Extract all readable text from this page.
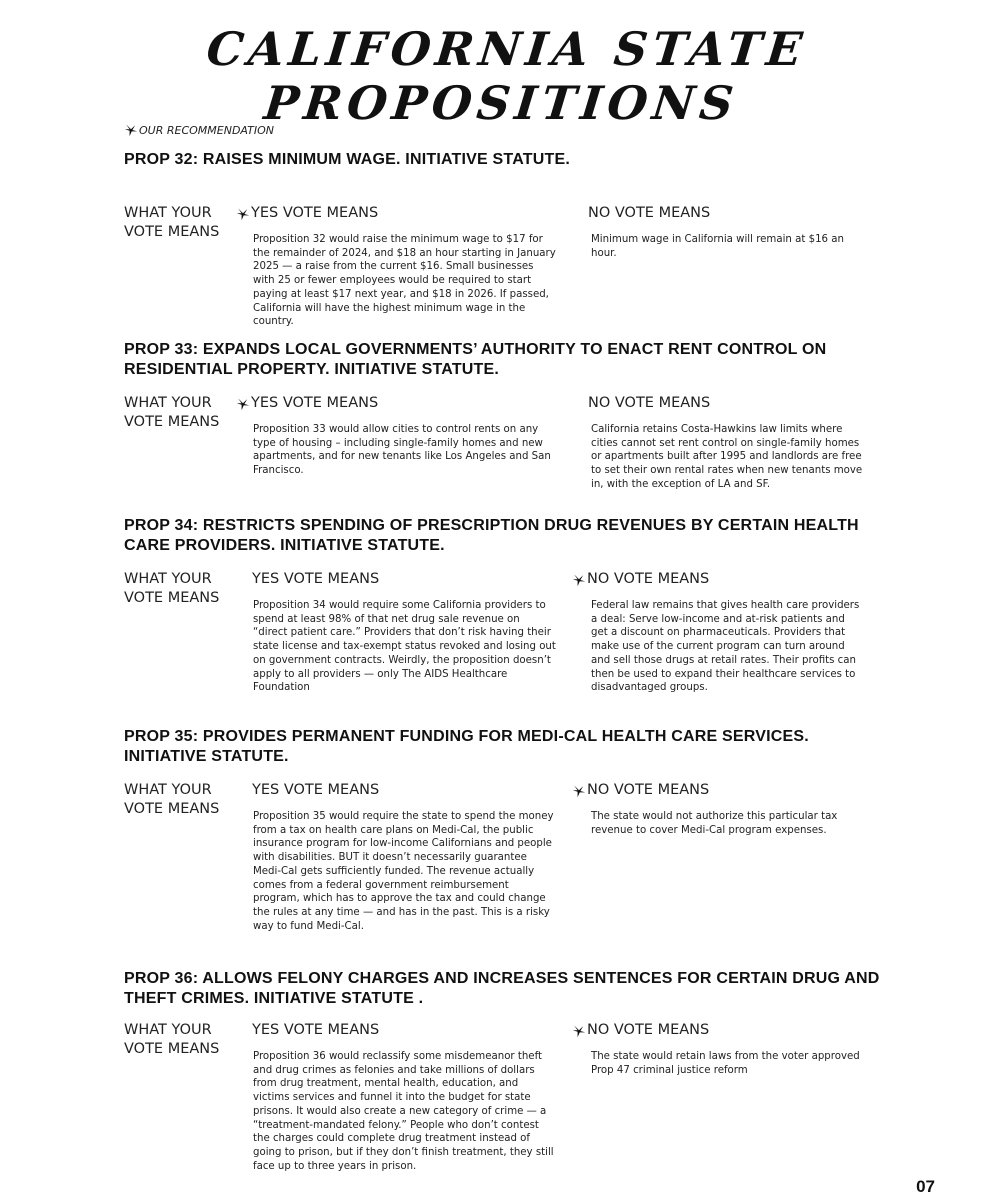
CALIFORNIA STATE PROPOSITIONS
OUR RECOMMENDATION
PROP 32: RAISES MINIMUM WAGE. INITIATIVE STATUTE.
WHAT YOUR VOTE MEANS
YES VOTE MEANS
Proposition 32 would raise the minimum wage to $17 for the remainder of 2024, and $18 an hour starting in January 2025 — a raise from the current $16. Small businesses with 25 or fewer employees would be required to start paying at least $17 next year, and $18 in 2026. If passed, California will have the highest minimum wage in the country.
NO VOTE MEANS
Minimum wage in California will remain at $16 an hour.
PROP 33: EXPANDS LOCAL GOVERNMENTS’ AUTHORITY TO ENACT RENT CONTROL ON RESIDENTIAL PROPERTY. INITIATIVE STATUTE.
WHAT YOUR VOTE MEANS
YES VOTE MEANS
Proposition 33 would allow cities to control rents on any type of housing – including single-family homes and new apartments, and for new tenants like Los Angeles and San Francisco.
NO VOTE MEANS
California retains Costa-Hawkins law limits where cities cannot set rent control on single-family homes or apartments built after 1995 and landlords are free to set their own rental rates when new tenants move in, with the exception of LA and SF.
PROP 34: RESTRICTS SPENDING OF PRESCRIPTION DRUG REVENUES BY CERTAIN HEALTH CARE PROVIDERS. INITIATIVE STATUTE.
WHAT YOUR VOTE MEANS
YES VOTE MEANS
Proposition 34 would require some California providers to spend at least 98% of that net drug sale revenue on “direct patient care.” Providers that don’t risk having their state license and tax-exempt status revoked and losing out on government contracts. Weirdly, the proposition doesn’t apply to all providers — only The AIDS Healthcare Foundation
NO VOTE MEANS
Federal law remains that gives health care providers a deal: Serve low-income and at-risk patients and get a discount on pharmaceuticals. Providers that make use of the current program can turn around and sell those drugs at retail rates. Their profits can then be used to expand their healthcare services to disadvantaged groups.
PROP 35: PROVIDES PERMANENT FUNDING FOR MEDI-CAL HEALTH CARE SERVICES. INITIATIVE STATUTE.
WHAT YOUR VOTE MEANS
YES VOTE MEANS
Proposition 35 would require the state to spend the money from a tax on health care plans on Medi-Cal, the public insurance program for low-income Californians and people with disabilities. BUT it doesn’t necessarily guarantee Medi-Cal gets sufficiently funded. The revenue actually comes from a federal government reimbursement program, which has to approve the tax and could change the rules at any time — and has in the past. This is a risky way to fund Medi-Cal.
NO VOTE MEANS
The state would not authorize this particular tax revenue to cover Medi-Cal program expenses.
PROP 36: ALLOWS FELONY CHARGES AND INCREASES SENTENCES FOR CERTAIN DRUG AND THEFT CRIMES. INITIATIVE STATUTE .
WHAT YOUR VOTE MEANS
YES VOTE MEANS
Proposition 36 would reclassify some misdemeanor theft and drug crimes as felonies and take millions of dollars from drug treatment, mental health, education, and victims services and funnel it into the budget for state prisons. It would also create a new category of crime — a “treatment-mandated felony.” People who don’t contest the charges could complete drug treatment instead of going to prison, but if they don’t finish treatment, they still face up to three years in prison.
NO VOTE MEANS
The state would retain laws from the voter approved Prop 47 criminal justice reform
07
